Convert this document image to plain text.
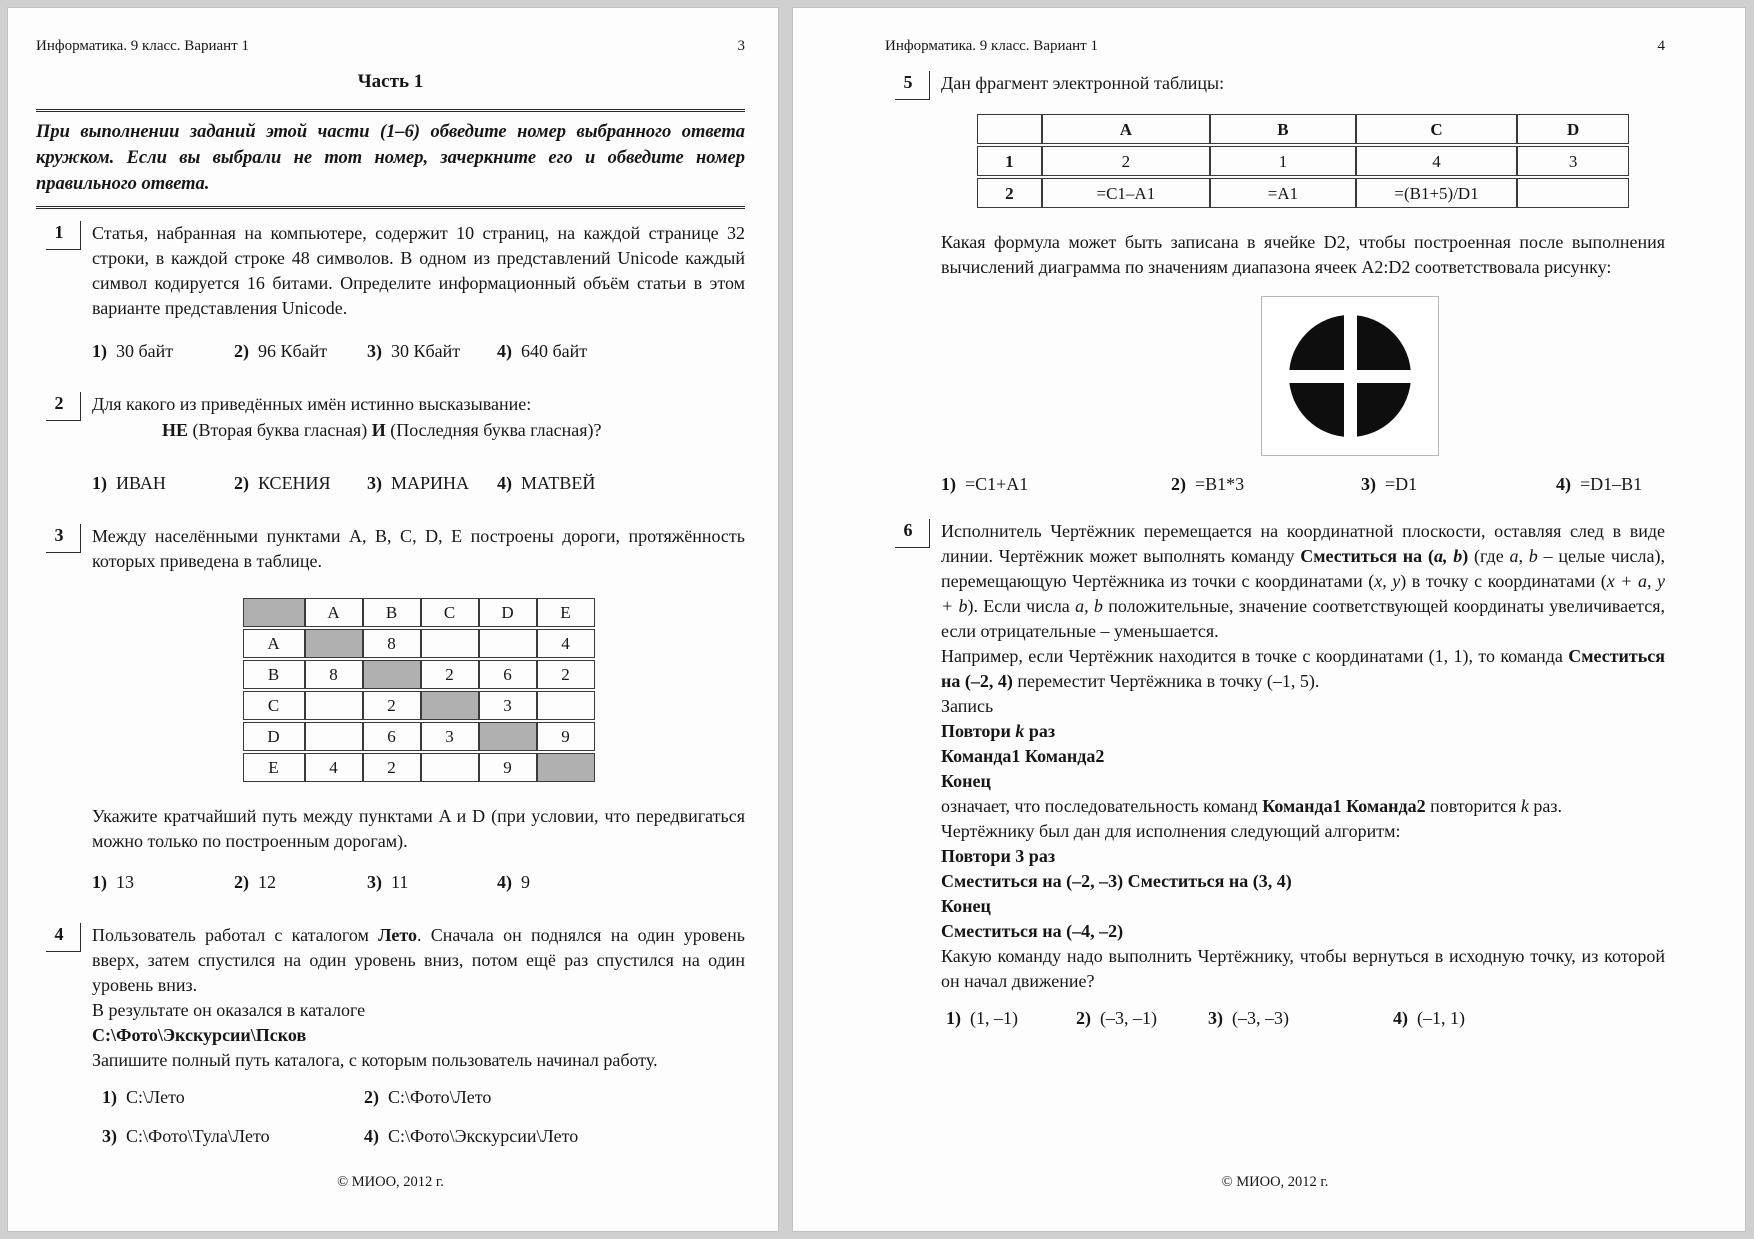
Информатика. 9 класс. Вариант 1	3
Часть 1

При выполнении заданий этой части (1–6) обведите номер выбранного ответа кружком. Если вы выбрали не тот номер, зачеркните его и обведите номер правильного ответа.

1	Статья, набранная на компьютере, содержит 10 страниц, на каждой странице 32 строки, в каждой строке 48 символов. В одном из представлений Unicode каждый символ кодируется 16 битами. Определите информационный объём статьи в этом варианте представления Unicode.

1) 30 байт	2) 96 Кбайт	3) 30 Кбайт	4) 640 байт
2	Для какого из приведённых имён истинно высказывание:

НЕ (Вторая буква гласная) И (Последняя буква гласная)?

1) ИВАН	2) КСЕНИЯ	3) МАРИНА	4) МАТВЕЙ
3	Между населёнными пунктами A, B, C, D, E построены дороги, протяжённость которых приведена в таблице.

	A	B	C	D	E
A		8			4
B	8		2	6	2
C		2		3	
D		6	3		9
E	4	2		9	

Укажите кратчайший путь между пунктами A и D (при условии, что передвигаться можно только по построенным дорогам).

1) 13	2) 12	3) 11	4) 9
4	Пользователь работал с каталогом Лето. Сначала он поднялся на один уровень вверх, затем спустился на один уровень вниз, потом ещё раз спустился на один уровень вниз.

В результате он оказался в каталоге

C:\Фото\Экскурсии\Псков

Запишите полный путь каталога, с которым пользователь начинал работу.

1) C:\Лето	2) C:\Фото\Лето
3) C:\Фото\Тула\Лето	4) C:\Фото\Экскурсии\Лето
© МИОО, 2012 г.
Информатика. 9 класс. Вариант 1	4
5	Дан фрагмент электронной таблицы:

	A	B	C	D
1	2	1	4	3
2	=C1–A1	=A1	=(B1+5)/D1	

Какая формула может быть записана в ячейке D2, чтобы построенная после выполнения вычислений диаграмма по значениям диапазона ячеек A2:D2 соответствовала рисунку:

1) =C1+A1	2) =B1*3	3) =D1	4) =D1–B1
6	Исполнитель Чертёжник перемещается на координатной плоскости, оставляя след в виде линии. Чертёжник может выполнять команду Сместиться на (a, b) (где a, b – целые числа), перемещающую Чертёжника из точки с координатами (x, y) в точку с координатами (x + a, y + b). Если числа a, b положительные, значение соответствующей координаты увеличивается, если отрицательные – уменьшается.

Например, если Чертёжник находится в точке с координатами (1, 1), то команда Сместиться на (–2, 4) переместит Чертёжника в точку (–1, 5).

Запись

Повтори k раз

Команда1 Команда2

Конец

означает, что последовательность команд Команда1 Команда2 повторится k раз.

Чертёжнику был дан для исполнения следующий алгоритм:

Повтори 3 раз

Сместиться на (–2, –3) Сместиться на (3, 4)

Конец

Сместиться на (–4, –2)

Какую команду надо выполнить Чертёжнику, чтобы вернуться в исходную точку, из которой он начал движение?

1) (1, –1)	2) (–3, –1)	3) (–3, –3)	4) (–1, 1)
© МИОО, 2012 г.
